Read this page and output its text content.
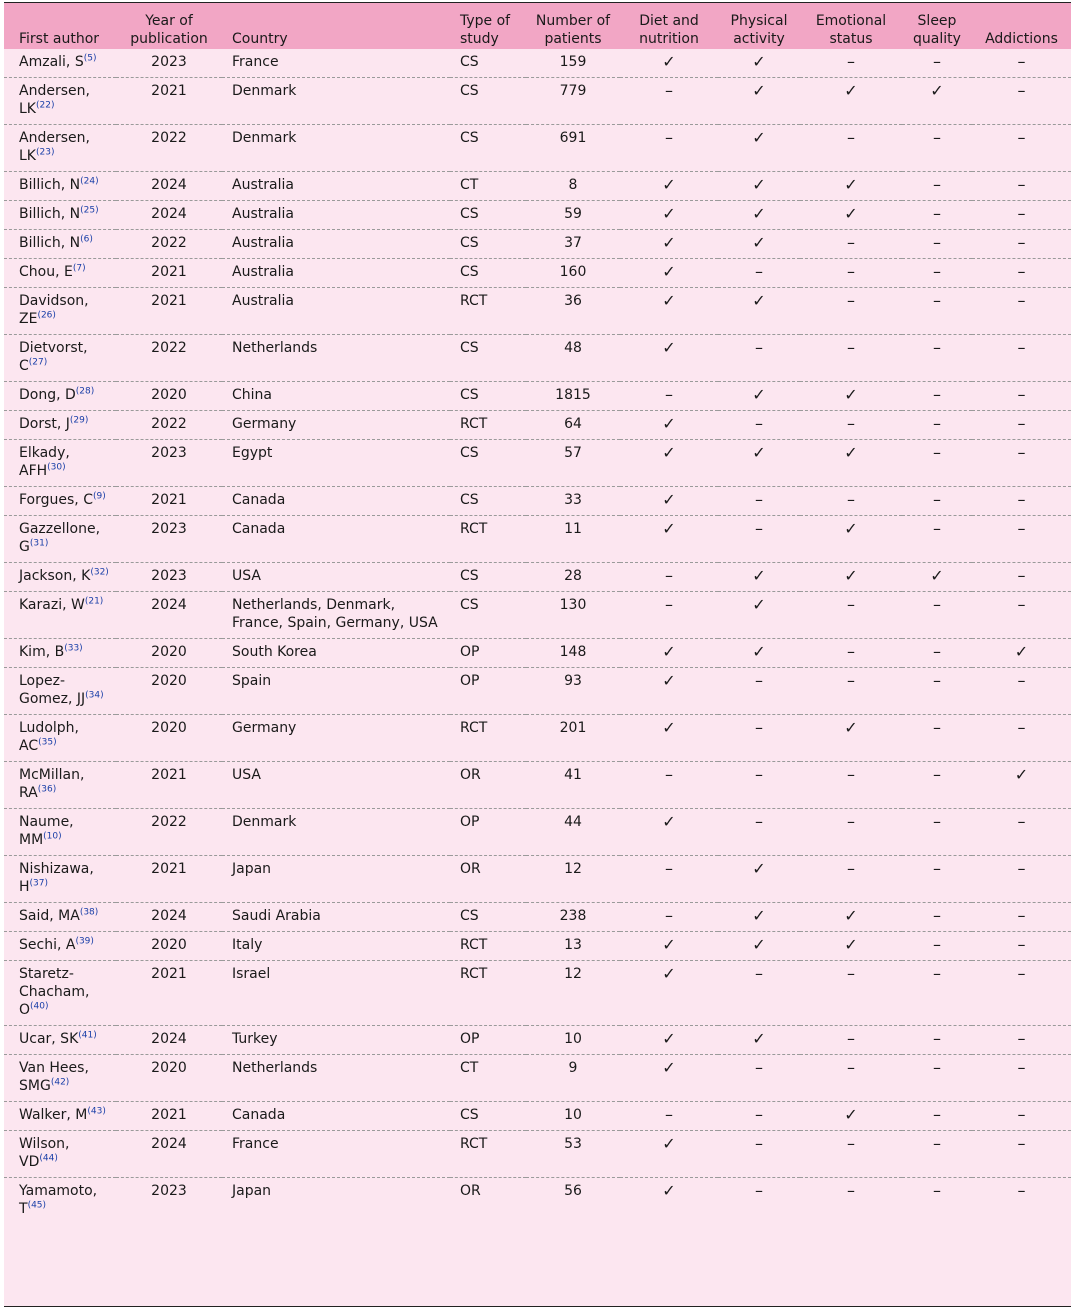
First author	Year of publication	Country	Type of study	Number of patients	Diet and nutrition	Physical activity	Emotional status	Sleep quality	Addictions
Amzali, S$^{(5)}$	2023	France	CS	159	✓	✓	–	–	–
Andersen, LK$^{(22)}$	2021	Denmark	CS	779	–	✓	✓	✓	–
Andersen, LK$^{(23)}$	2022	Denmark	CS	691	–	✓	–	–	–
Billich, N$^{(24)}$	2024	Australia	CT	8	✓	✓	✓	–	–
Billich, N$^{(25)}$	2024	Australia	CS	59	✓	✓	✓	–	–
Billich, N$^{(6)}$	2022	Australia	CS	37	✓	✓	–	–	–
Chou, E$^{(7)}$	2021	Australia	CS	160	✓	–	–	–	–
Davidson, ZE$^{(26)}$	2021	Australia	RCT	36	✓	✓	–	–	–
Dietvorst, C$^{(27)}$	2022	Netherlands	CS	48	✓	–	–	–	–
Dong, D$^{(28)}$	2020	China	CS	1815	–	✓	✓	–	–
Dorst, J$^{(29)}$	2022	Germany	RCT	64	✓	–	–	–	–
Elkady, AFH$^{(30)}$	2023	Egypt	CS	57	✓	✓	✓	–	–
Forgues, C$^{(9)}$	2021	Canada	CS	33	✓	–	–	–	–
Gazzellone, G$^{(31)}$	2023	Canada	RCT	11	✓	–	✓	–	–
Jackson, K$^{(32)}$	2023	USA	CS	28	–	✓	✓	✓	–
Karazi, W$^{(21)}$	2024	Netherlands, Denmark, France, Spain, Germany, USA	CS	130	–	✓	–	–	–
Kim, B$^{(33)}$	2020	South Korea	OP	148	✓	✓	–	–	✓
Lopez-Gomez, JJ$^{(34)}$	2020	Spain	OP	93	✓	–	–	–	–
Ludolph, AC$^{(35)}$	2020	Germany	RCT	201	✓	–	✓	–	–
McMillan, RA$^{(36)}$	2021	USA	OR	41	–	–	–	–	✓
Naume, MM$^{(10)}$	2022	Denmark	OP	44	✓	–	–	–	–
Nishizawa, H$^{(37)}$	2021	Japan	OR	12	–	✓	–	–	–
Said, MA$^{(38)}$	2024	Saudi Arabia	CS	238	–	✓	✓	–	–
Sechi, A$^{(39)}$	2020	Italy	RCT	13	✓	✓	✓	–	–
Staretz-Chacham, O$^{(40)}$	2021	Israel	RCT	12	✓	–	–	–	–
Ucar, SK$^{(41)}$	2024	Turkey	OP	10	✓	✓	–	–	–
Van Hees, SMG$^{(42)}$	2020	Netherlands	CT	9	✓	–	–	–	–
Walker, M$^{(43)}$	2021	Canada	CS	10	–	–	✓	–	–
Wilson, VD$^{(44)}$	2024	France	RCT	53	✓	–	–	–	–
Yamamoto, T$^{(45)}$	2023	Japan	OR	56	✓	–	–	–	–
